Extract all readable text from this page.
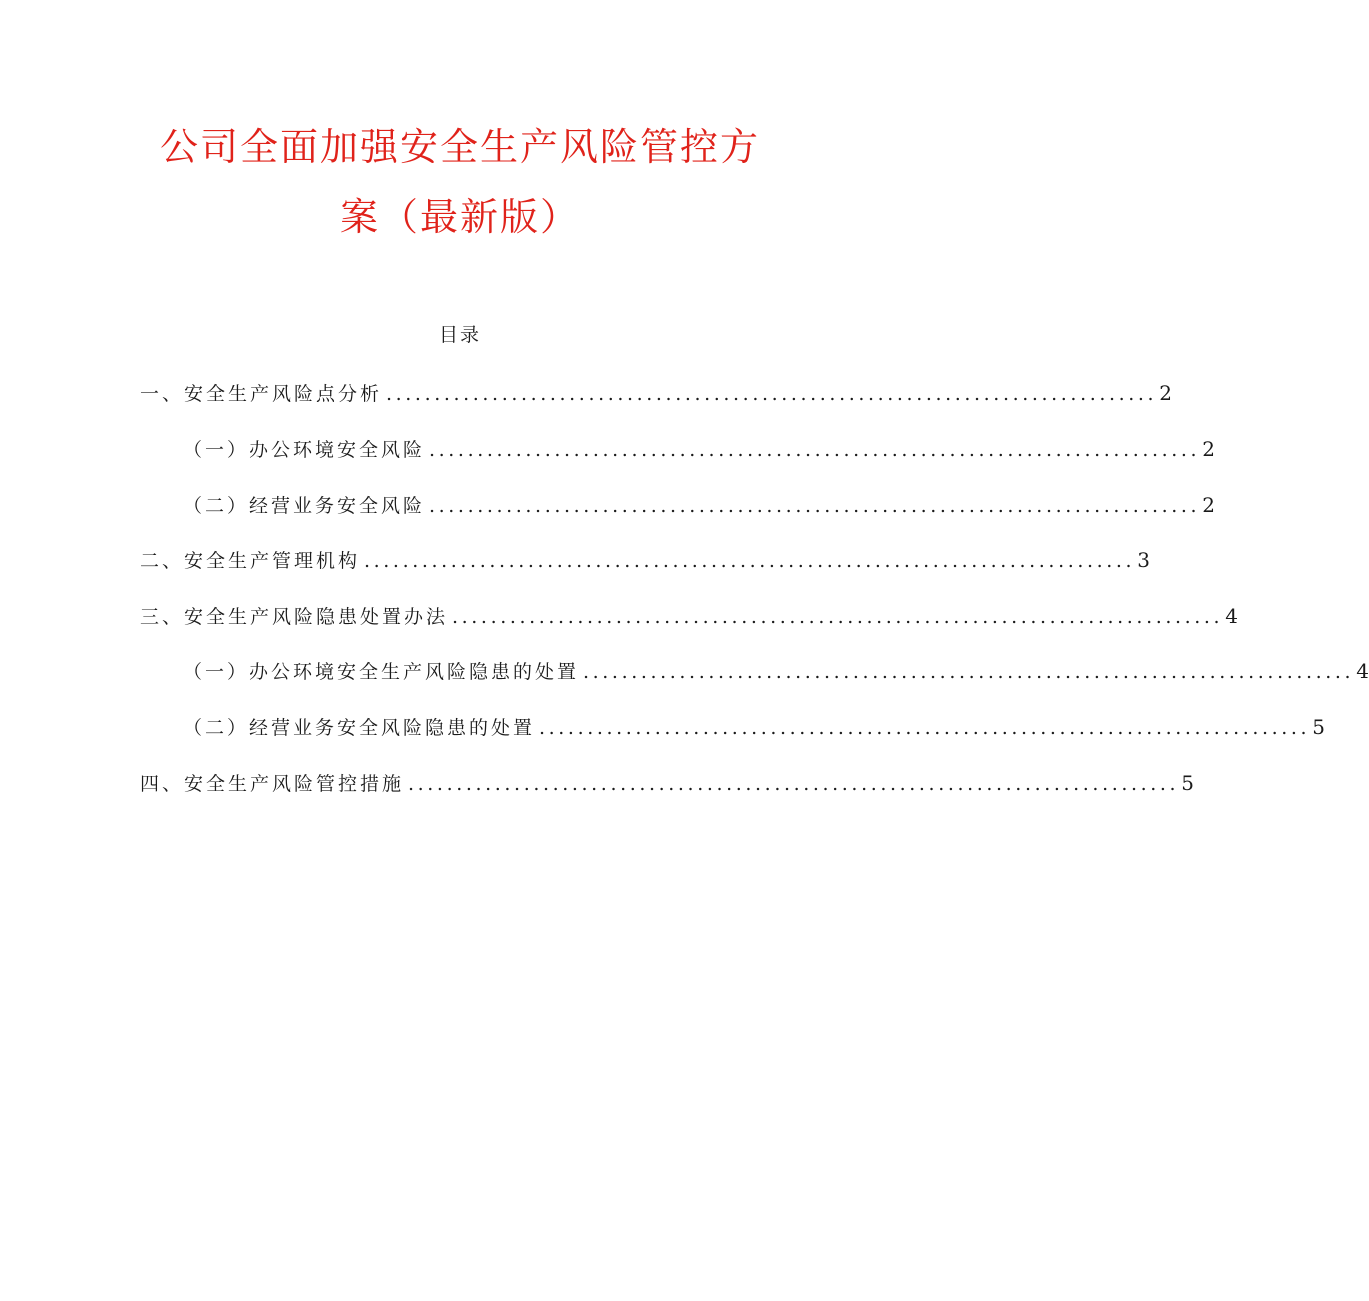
公司全面加强安全生产风险管控方
案（最新版）
目录
一、安全生产风险点分析 ................................................................................ 2
（一）办公环境安全风险 ................................................................................ 2
（二）经营业务安全风险 ................................................................................ 2
二、安全生产管理机构 ................................................................................ 3
三、安全生产风险隐患处置办法 ................................................................................ 4
（一）办公环境安全生产风险隐患的处置 ................................................................................ 4
（二）经营业务安全风险隐患的处置 ................................................................................ 5
四、安全生产风险管控措施 ................................................................................ 5
